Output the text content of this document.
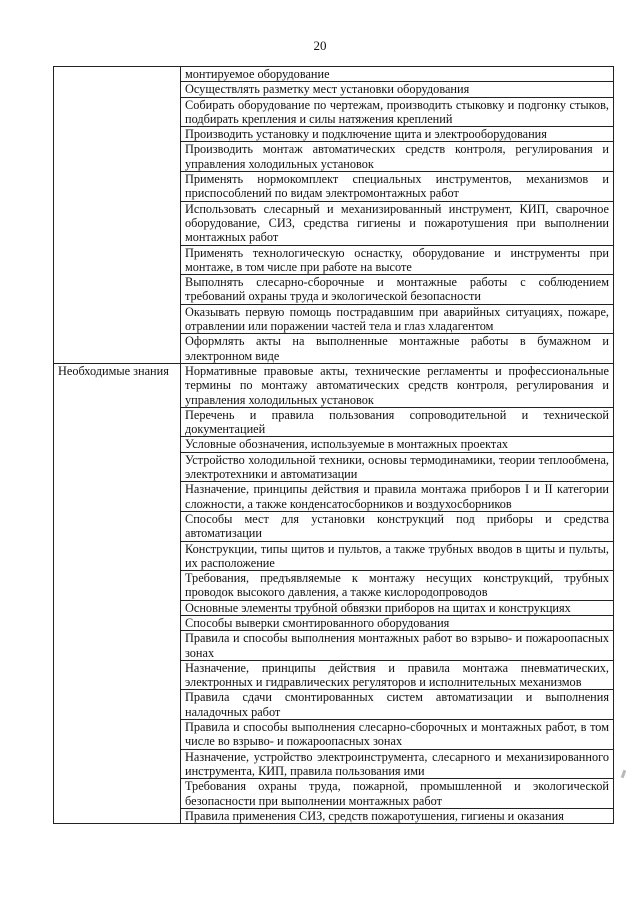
20

	монтируемое оборудование

	Осуществлять разметку мест установки оборудования

	Собирать оборудование по чертежам, производить стыковку и подгонку стыков, подбирать крепления и силы натяжения креплений

	Производить установку и подключение щита и электрооборудования

	Производить монтаж автоматических средств контроля, регулирования и управления холодильных установок

	Применять нормокомплект специальных инструментов, механизмов и приспособлений по видам электромонтажных работ

	Использовать слесарный и механизированный инструмент, КИП, сварочное оборудование, СИЗ, средства гигиены и пожаротушения при выполнении монтажных работ

	Применять технологическую оснастку, оборудование и инструменты при монтаже, в том числе при работе на высоте

	Выполнять слесарно-сборочные и монтажные работы с соблюдением требований охраны труда и экологической безопасности

	Оказывать первую помощь пострадавшим при аварийных ситуациях, пожаре, отравлении или поражении частей тела и глаз хладагентом

	Оформлять акты на выполненные монтажные работы в бумажном и электронном виде

Необходимые знания	Нормативные правовые акты, технические регламенты и профессиональные термины по монтажу автоматических средств контроля, регулирования и управления холодильных установок

	Перечень и правила пользования сопроводительной и технической документацией

	Условные обозначения, используемые в монтажных проектах

	Устройство холодильной техники, основы термодинамики, теории теплообмена, электротехники и автоматизации

	Назначение, принципы действия и правила монтажа приборов I и II категории сложности, а также конденсатосборников и воздухосборников

	Способы мест для установки конструкций под приборы и средства автоматизации

	Конструкции, типы щитов и пультов, а также трубных вводов в щиты и пульты, их расположение

	Требования, предъявляемые к монтажу несущих конструкций, трубных проводок высокого давления, а также кислородопроводов

	Основные элементы трубной обвязки приборов на щитах и конструкциях

	Способы выверки смонтированного оборудования

	Правила и способы выполнения монтажных работ во взрыво- и пожароопасных зонах

	Назначение, принципы действия и правила монтажа пневматических, электронных и гидравлических регуляторов и исполнительных механизмов

	Правила сдачи смонтированных систем автоматизации и выполнения наладочных работ

	Правила и способы выполнения слесарно-сборочных и монтажных работ, в том числе во взрыво- и пожароопасных зонах

	Назначение, устройство электроинструмента, слесарного и механизированного инструмента, КИП, правила пользования ими

	Требования охраны труда, пожарной, промышленной и экологической безопасности при выполнении монтажных работ

	Правила применения СИЗ, средств пожаротушения, гигиены и оказания
